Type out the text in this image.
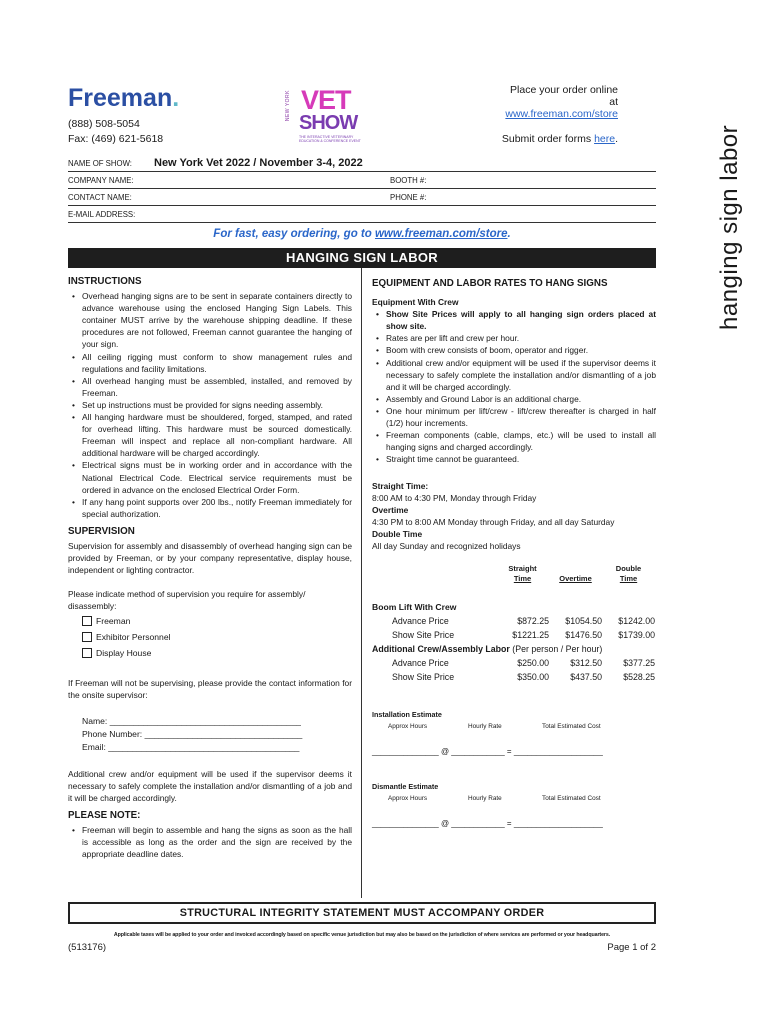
Freeman.
(888) 508-5054
Fax: (469) 621-5618
NEW YORK VET
SHOW
THE INTERACTIVE VETERINARY EDUCATION & CONFERENCE EVENT
Place your order online at
www.freeman.com/store
Submit order forms here.	hanging sign labor
NAME OF SHOW: New York Vet 2022 / November 3-4, 2022
COMPANY NAME:	BOOTH #:
CONTACT NAME:	PHONE #:
E-MAIL ADDRESS:
For fast, easy ordering, go to www.freeman.com/store.
HANGING SIGN LABOR
INSTRUCTIONS
• Overhead hanging signs are to be sent in separate containers directly to advance warehouse using the enclosed Hanging Sign Labels. This container MUST arrive by the warehouse shipping deadline. If these procedures are not followed, Freeman cannot guarantee the hanging of your sign.
• All ceiling rigging must conform to show management rules and regulations and facility limitations.
• All overhead hanging must be assembled, installed, and removed by Freeman.
• Set up instructions must be provided for signs needing assembly.
• All hanging hardware must be shouldered, forged, stamped, and rated for overhead lifting. This hardware must be sourced domestically. Freeman will inspect and replace all non-compliant hardware. All additional hardware will be charged accordingly.
• Electrical signs must be in working order and in accordance with the National Electrical Code. Electrical service requirements must be ordered in advance on the enclosed Electrical Order Form.
• If any hang point supports over 200 lbs., notify Freeman immediately for special authorization.
SUPERVISION

Supervision for assembly and disassembly of overhead hanging sign can be provided by Freeman, or by your company representative, display house, independent or lighting contractor.

Please indicate method of supervision you require for assembly/ disassembly:

Freeman
Exhibitor Personnel
Display House

If Freeman will not be supervising, please provide the contact information for the onsite supervisor:

Name: ________________________________________
Phone Number: _________________________________
Email: ________________________________________

Additional crew and/or equipment will be used if the supervisor deems it necessary to safely complete the installation and/or dismantling of a job and it will be charged accordingly.

PLEASE NOTE:
• Freeman will begin to assemble and hang the signs as soon as the hall is accessible as long as the order and the sign are received by the appropriate deadline dates.
EQUIPMENT AND LABOR RATES TO HANG SIGNS

Equipment With Crew

• Show Site Prices will apply to all hanging sign orders placed at show site.
• Rates are per lift and crew per hour.
• Boom with crew consists of boom, operator and rigger.
• Additional crew and/or equipment will be used if the supervisor deems it necessary to safely complete the installation and/or dismantling of a job and it will be charged accordingly.
• Assembly and Ground Labor is an additional charge.
• One hour minimum per lift/crew - lift/crew thereafter is charged in half (1/2) hour increments.
• Freeman components (cable, clamps, etc.) will be used to install all hanging signs and charged accordingly.
• Straight time cannot be guaranteed.
Straight Time:
8:00 AM to 4:30 PM, Monday through Friday
Overtime
4:30 PM to 8:00 AM Monday through Friday, and all day Saturday
Double Time
All day Sunday and recognized holidays
Straight
Time	Overtime
Double
Time
Boom Lift With Crew
Advance Price	$872.25	$1054.50	$1242.00
Show Site Price	$1221.25	$1476.50	$1739.00
Additional Crew/Assembly Labor
(Per person / Per hour)
Advance Price	$250.00	$312.50	$377.25
Show Site Price	$350.00	$437.50	$528.25
Installation Estimate
Approx Hours	Hourly Rate	Total Estimated Cost
_______________ @ ____________ = ____________________
Dismantle Estimate
Approx Hours	Hourly Rate	Total Estimated Cost
_______________ @ ____________ = ____________________
STRUCTURAL INTEGRITY STATEMENT MUST ACCOMPANY ORDER
Applicable taxes will be applied to your order and invoiced accordingly based on specific venue jurisdiction but may also be based on the jurisdiction of where services are performed or your headquarters.
(513176)	Page 1 of 2
